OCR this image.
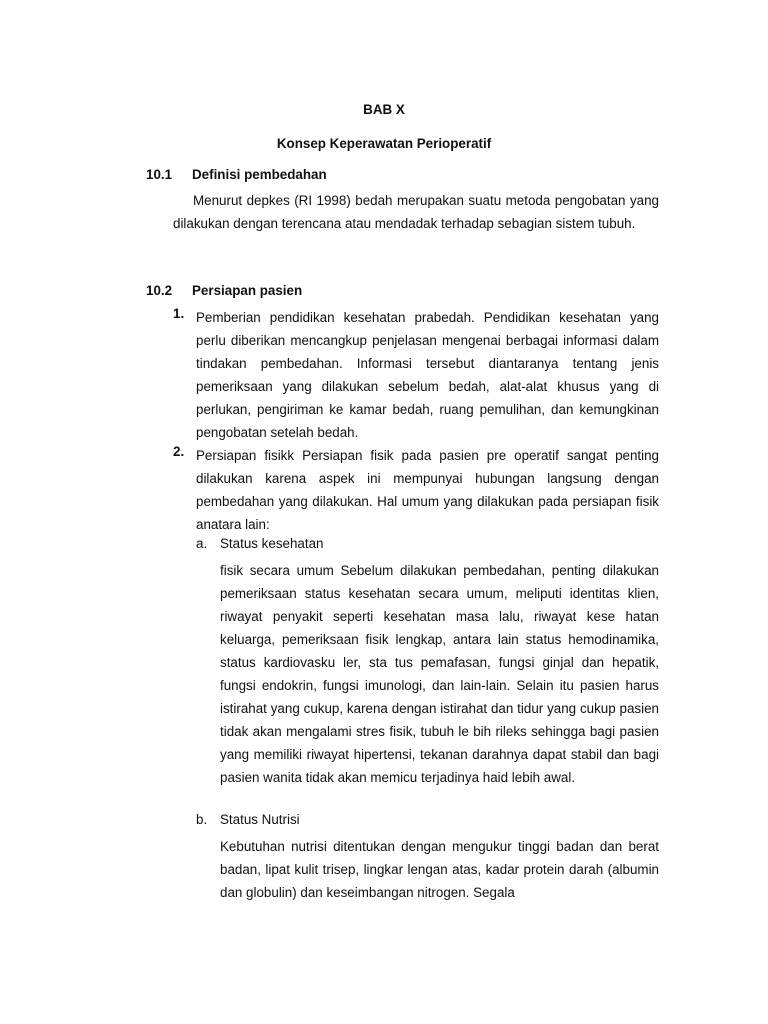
BAB X
Konsep Keperawatan Perioperatif
10.1 Definisi pembedahan

Menurut depkes (RI 1998) bedah merupakan suatu metoda pengobatan yang dilakukan dengan terencana atau mendadak terhadap sebagian sistem tubuh.

10.2 Persiapan pasien
1. Pemberian pendidikan kesehatan prabedah. Pendidikan kesehatan yang perlu diberikan mencangkup penjelasan mengenai berbagai informasi dalam tindakan pembedahan. Informasi tersebut diantaranya tentang jenis pemeriksaan yang dilakukan sebelum bedah, alat-alat khusus yang di perlukan, pengiriman ke kamar bedah, ruang pemulihan, dan kemungkinan pengobatan setelah bedah.

2. Persiapan fisikk Persiapan fisik pada pasien pre operatif sangat penting dilakukan karena aspek ini mempunyai hubungan langsung dengan pembedahan yang dilakukan. Hal umum yang dilakukan pada persiapan fisik anatara lain:

a. Status kesehatan

fisik secara umum Sebelum dilakukan pembedahan, penting dilakukan pemeriksaan status kesehatan secara umum, meliputi identitas klien, riwayat penyakit seperti kesehatan masa lalu, riwayat kese hatan keluarga, pemeriksaan fisik lengkap, antara lain status hemodinamika, status kardiovasku ler, sta tus pemafasan, fungsi ginjal dan hepatik, fungsi endokrin, fungsi imunologi, dan lain-lain. Selain itu pasien harus istirahat yang cukup, karena dengan istirahat dan tidur yang cukup pasien tidak akan mengalami stres fisik, tubuh le bih rileks sehingga bagi pasien yang memiliki riwayat hipertensi, tekanan darahnya dapat stabil dan bagi pasien wanita tidak akan memicu terjadinya haid lebih awal.

b. Status Nutrisi

Kebutuhan nutrisi ditentukan dengan mengukur tinggi badan dan berat badan, lipat kulit trisep, lingkar lengan atas, kadar protein darah (albumin dan globulin) dan keseimbangan nitrogen. Segala
